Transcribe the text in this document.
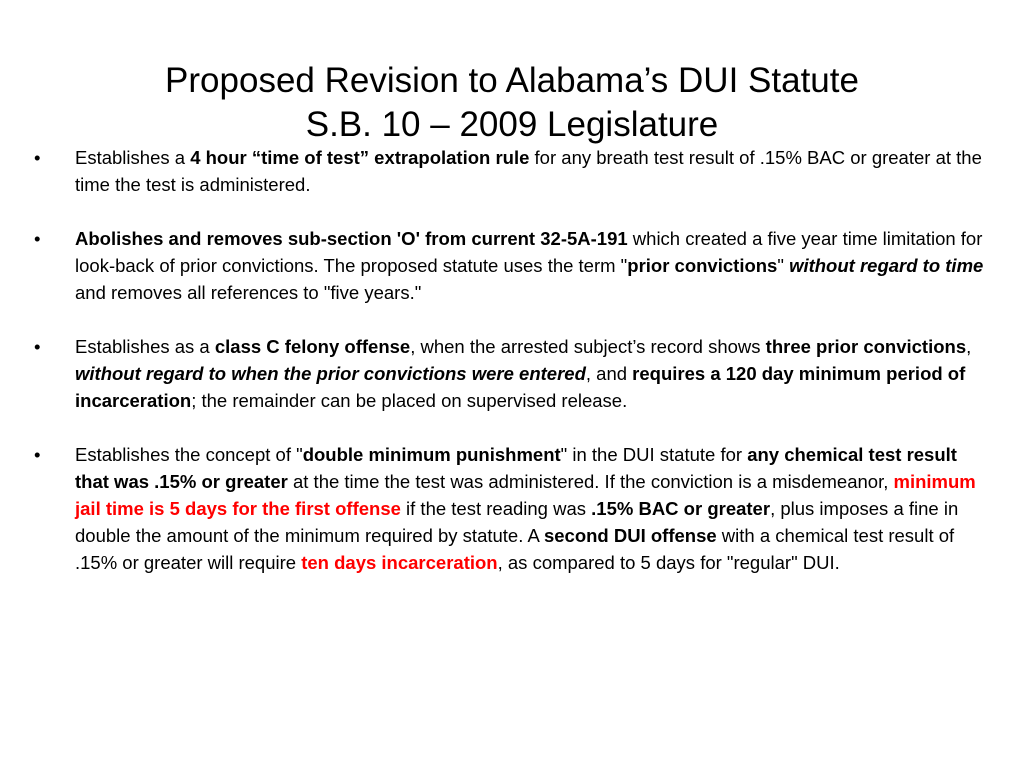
Proposed Revision to Alabama’s DUI Statute
S.B. 10 – 2009 Legislature
• Establishes a 4 hour “time of test” extrapolation rule for any breath test result of .15% BAC or greater at the time the test is administered.
• Abolishes and removes sub-section 'O' from current 32-5A-191 which created a five year time limitation for look-back of prior convictions. The proposed statute uses the term "prior convictions" without regard to time and removes all references to "five years."
• Establishes as a class C felony offense, when the arrested subject’s record shows three prior convictions, without regard to when the prior convictions were entered, and requires a 120 day minimum period of incarceration; the remainder can be placed on supervised release.
• Establishes the concept of "double minimum punishment" in the DUI statute for any chemical test result that was .15% or greater at the time the test was administered. If the conviction is a misdemeanor, minimum jail time is 5 days for the first offense if the test reading was .15% BAC or greater, plus imposes a fine in double the amount of the minimum required by statute. A second DUI offense with a chemical test result of .15% or greater will require ten days incarceration, as compared to 5 days for "regular" DUI.
